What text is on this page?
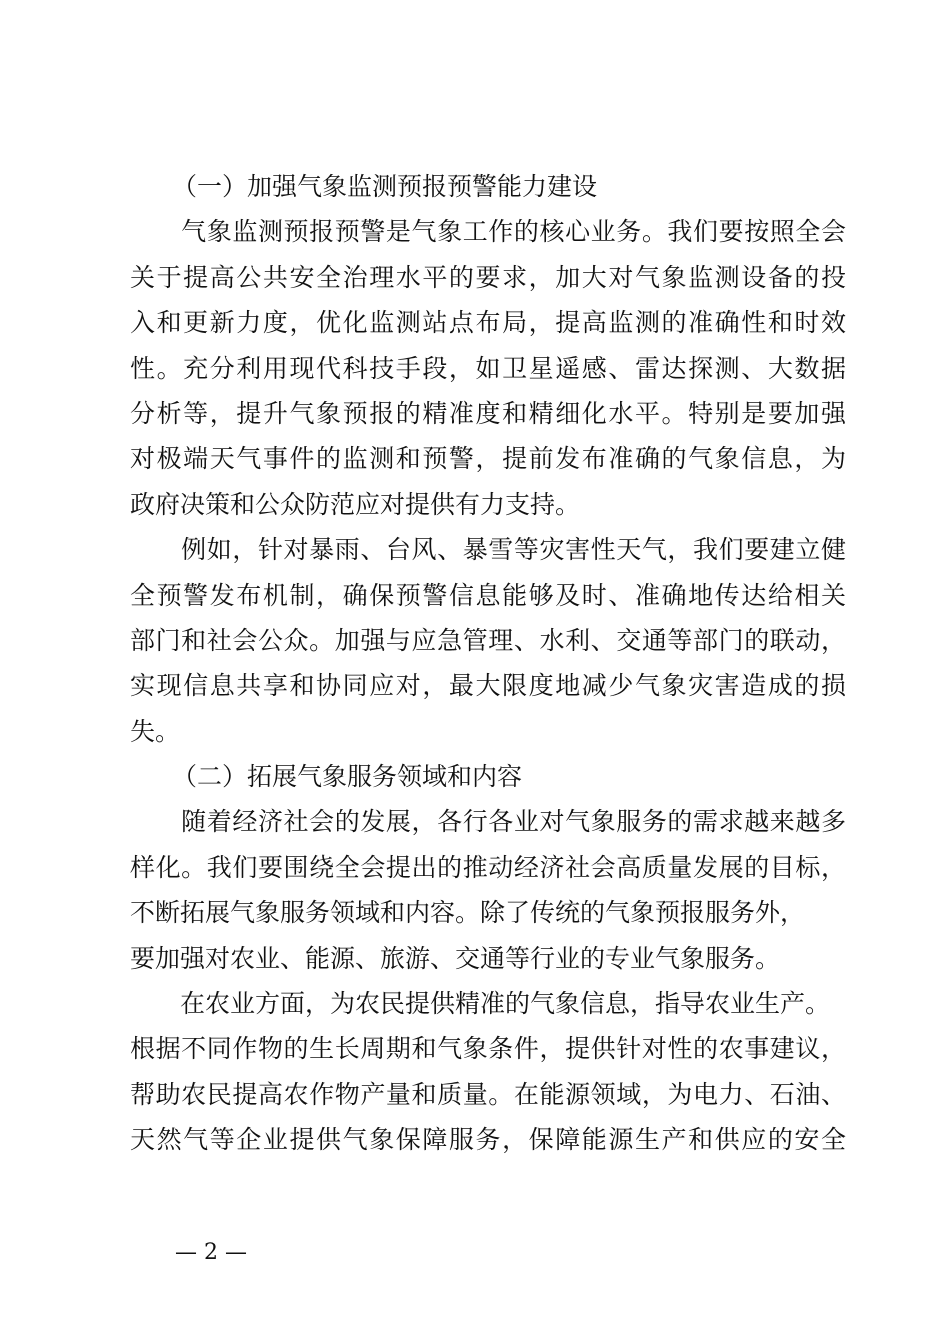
（一）加强气象监测预报预警能力建设
　　气象监测预报预警是气象工作的核心业务。我们要按照全会
关于提高公共安全治理水平的要求，加大对气象监测设备的投
入和更新力度，优化监测站点布局，提高监测的准确性和时效
性。充分利用现代科技手段，如卫星遥感、雷达探测、大数据
分析等，提升气象预报的精准度和精细化水平。特别是要加强
对极端天气事件的监测和预警，提前发布准确的气象信息，为
政府决策和公众防范应对提供有力支持。
　　例如，针对暴雨、台风、暴雪等灾害性天气，我们要建立健
全预警发布机制，确保预警信息能够及时、准确地传达给相关
部门和社会公众。加强与应急管理、水利、交通等部门的联动，
实现信息共享和协同应对，最大限度地减少气象灾害造成的损
失。
（二）拓展气象服务领域和内容
　　随着经济社会的发展，各行各业对气象服务的需求越来越多
样化。我们要围绕全会提出的推动经济社会高质量发展的目标，
不断拓展气象服务领域和内容。除了传统的气象预报服务外，
要加强对农业、能源、旅游、交通等行业的专业气象服务。
　　在农业方面，为农民提供精准的气象信息，指导农业生产。
根据不同作物的生长周期和气象条件，提供针对性的农事建议，
帮助农民提高农作物产量和质量。在能源领域，为电力、石油、
天然气等企业提供气象保障服务，保障能源生产和供应的安全
— 2 —
